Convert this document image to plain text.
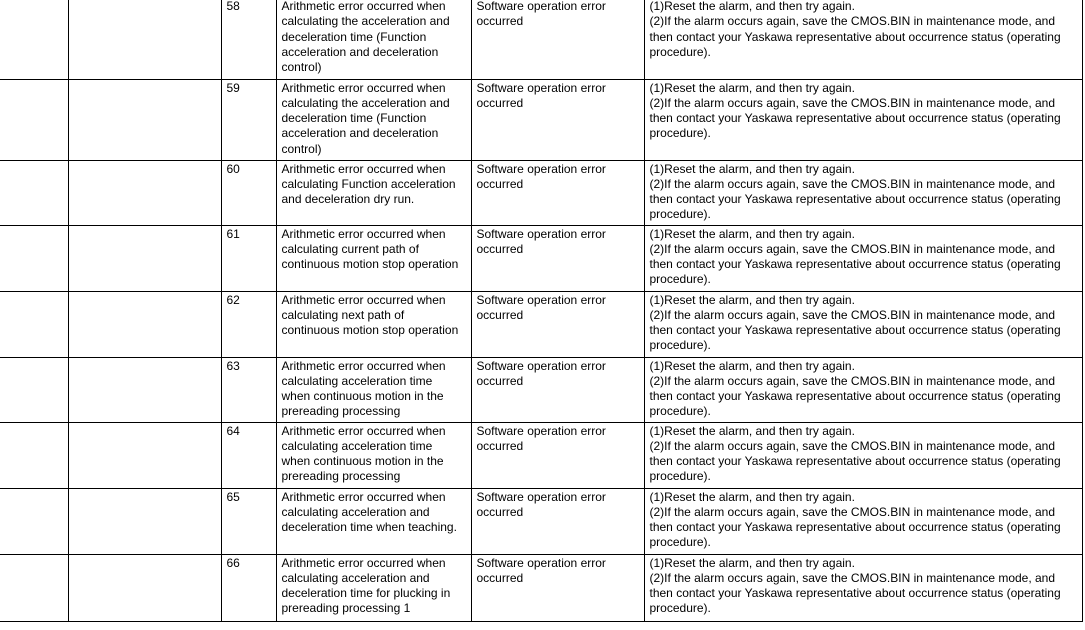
		58	Arithmetic error occurred when
calculating the acceleration and
deceleration time (Function
acceleration and deceleration
control)	Software operation error
occurred	(1)Reset the alarm, and then try again.
(2)If the alarm occurs again, save the CMOS.BIN in maintenance mode, and
then contact your Yaskawa representative about occurrence status (operating
procedure).

		59	Arithmetic error occurred when
calculating the acceleration and
deceleration time (Function
acceleration and deceleration
control)	Software operation error
occurred	(1)Reset the alarm, and then try again.
(2)If the alarm occurs again, save the CMOS.BIN in maintenance mode, and
then contact your Yaskawa representative about occurrence status (operating
procedure).

		60	Arithmetic error occurred when
calculating Function acceleration
and deceleration dry run.	Software operation error
occurred	(1)Reset the alarm, and then try again.
(2)If the alarm occurs again, save the CMOS.BIN in maintenance mode, and
then contact your Yaskawa representative about occurrence status (operating
procedure).

		61	Arithmetic error occurred when
calculating current path of
continuous motion stop operation	Software operation error
occurred	(1)Reset the alarm, and then try again.
(2)If the alarm occurs again, save the CMOS.BIN in maintenance mode, and
then contact your Yaskawa representative about occurrence status (operating
procedure).

		62	Arithmetic error occurred when
calculating next path of
continuous motion stop operation	Software operation error
occurred	(1)Reset the alarm, and then try again.
(2)If the alarm occurs again, save the CMOS.BIN in maintenance mode, and
then contact your Yaskawa representative about occurrence status (operating
procedure).

		63	Arithmetic error occurred when
calculating acceleration time
when continuous motion in the
prereading processing	Software operation error
occurred	(1)Reset the alarm, and then try again.
(2)If the alarm occurs again, save the CMOS.BIN in maintenance mode, and
then contact your Yaskawa representative about occurrence status (operating
procedure).

		64	Arithmetic error occurred when
calculating acceleration time
when continuous motion in the
prereading processing	Software operation error
occurred	(1)Reset the alarm, and then try again.
(2)If the alarm occurs again, save the CMOS.BIN in maintenance mode, and
then contact your Yaskawa representative about occurrence status (operating
procedure).

		65	Arithmetic error occurred when
calculating acceleration and
deceleration time when teaching.	Software operation error
occurred	(1)Reset the alarm, and then try again.
(2)If the alarm occurs again, save the CMOS.BIN in maintenance mode, and
then contact your Yaskawa representative about occurrence status (operating
procedure).

		66	Arithmetic error occurred when
calculating acceleration and
deceleration time for plucking in
prereading processing 1	Software operation error
occurred	(1)Reset the alarm, and then try again.
(2)If the alarm occurs again, save the CMOS.BIN in maintenance mode, and
then contact your Yaskawa representative about occurrence status (operating
procedure).
